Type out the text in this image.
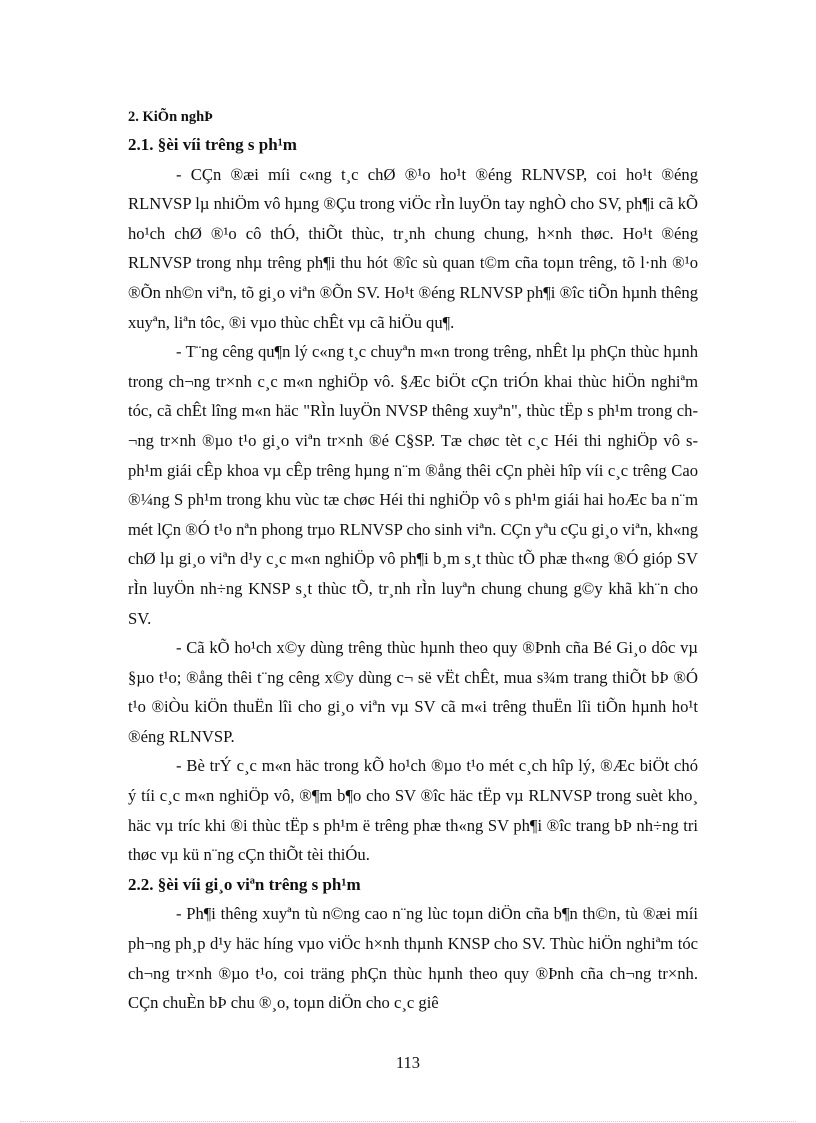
2. KiÕn nghÞ
2.1. §èi víi trêng s ph¹m
- CÇn ®æi míi c«ng t¸c chØ ®¹o ho¹t ®éng RLNVSP, coi ho¹t ®éng RLNVSP lµ nhiÖm vô hµng ®Çu trong viÖc rÌn luyÖn tay nghÒ cho SV, ph¶i cã kÕ ho¹ch chØ ®¹o cô thÓ, thiÕt thùc, tr¸nh chung chung, h×nh thøc. Ho¹t ®éng RLNVSP trong nhµ trêng ph¶i thu hót ®îc sù quan t©m cña toµn trêng, tõ l·nh ®¹o ®Õn nh©n viªn, tõ gi¸o viªn ®Õn SV. Ho¹t ®éng RLNVSP ph¶i ®îc tiÕn hµnh thêng xuyªn, liªn tôc, ®i vµo thùc chÊt vµ cã hiÖu qu¶.
- T¨ng cêng qu¶n lý c«ng t¸c chuyªn m«n trong trêng, nhÊt lµ phÇn thùc hµnh trong ch¬ng tr×nh c¸c m«n nghiÖp vô. §Æc biÖt cÇn triÓn khai thùc hiÖn nghiªm tóc, cã chÊt lîng m«n häc "RÌn luyÖn NVSP thêng xuyªn", thùc tËp s ph¹m trong ch¬ng tr×nh ®µo t¹o gi¸o viªn tr×nh ®é C§SP. Tæ chøc tèt c¸c Héi thi nghiÖp vô s ph¹m giái cÊp khoa vµ cÊp trêng hµng n¨m ®ång thêi cÇn phèi hîp víi c¸c trêng Cao ®¼ng S ph¹m trong khu vùc tæ chøc Héi thi nghiÖp vô s ph¹m giái hai hoÆc ba n¨m mét lÇn ®Ó t¹o nªn phong trµo RLNVSP cho sinh viªn. CÇn yªu cÇu gi¸o viªn, kh«ng chØ lµ gi¸o viªn d¹y c¸c m«n nghiÖp vô ph¶i b¸m s¸t thùc tÕ phæ th«ng ®Ó gióp SV rÌn luyÖn nh÷ng KNSP s¸t thùc tÕ, tr¸nh rÌn luyªn chung chung g©y khã kh¨n cho SV.
- Cã kÕ ho¹ch x©y dùng trêng thùc hµnh theo quy ®Þnh cña Bé Gi¸o dôc vµ §µo t¹o; ®ång thêi t¨ng cêng x©y dùng c¬ së vËt chÊt, mua s¾m trang thiÕt bÞ ®Ó t¹o ®iÒu kiÖn thuËn lîi cho gi¸o viªn vµ SV cã m«i trêng thuËn lîi tiÕn hµnh ho¹t ®éng RLNVSP.
- Bè trÝ c¸c m«n häc trong kÕ ho¹ch ®µo t¹o mét c¸ch hîp lý, ®Æc biÖt chó ý tíi c¸c m«n nghiÖp vô, ®¶m b¶o cho SV ®îc häc tËp vµ RLNVSP trong suèt kho¸ häc vµ tríc khi ®i thùc tËp s ph¹m ë trêng phæ th«ng SV ph¶i ®îc trang bÞ nh÷ng tri thøc vµ kü n¨ng cÇn thiÕt tèi thiÓu.
2.2. §èi víi gi¸o viªn trêng s ph¹m
- Ph¶i thêng xuyªn tù n©ng cao n¨ng lùc toµn diÖn cña b¶n th©n, tù ®æi míi ph¬ng ph¸p d¹y häc híng vµo viÖc h×nh thµnh KNSP cho SV. Thùc hiÖn nghiªm tóc ch¬ng tr×nh ®µo t¹o, coi träng phÇn thùc hµnh theo quy ®Þnh cña ch¬ng tr×nh. CÇn chuÈn bÞ chu ®¸o, toµn diÖn cho c¸c giê
113
